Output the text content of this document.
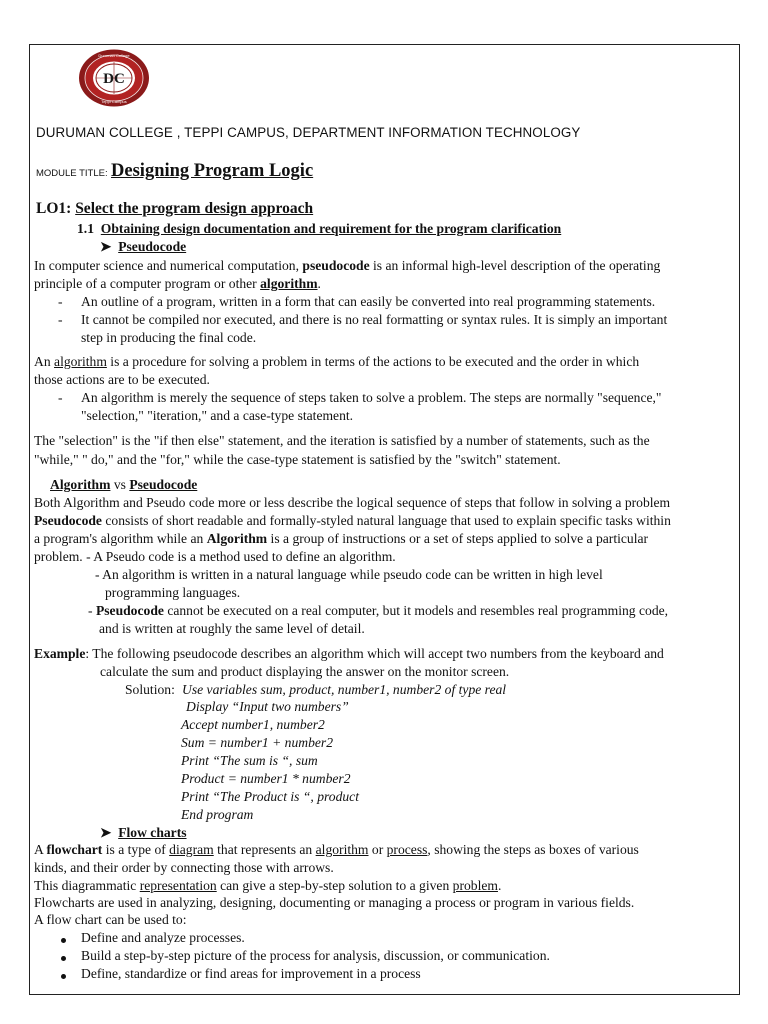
DC
Duruman College
Teppi Campus
DURUMAN COLLEGE , TEPPI CAMPUS, DEPARTMENT INFORMATION TECHNOLOGY
MODULE TITLE: Designing Program Logic
LO1: Select the program design approach
1.1 Obtaining design documentation and requirement for the program clarification
➤ Pseudocode
In computer science and numerical computation, pseudocode is an informal high-level description of the operating
principle of a computer program or other algorithm.
- An outline of a program, written in a form that can easily be converted into real programming statements.
- It cannot be compiled nor executed, and there is no real formatting or syntax rules. It is simply an important
step in producing the final code.
An algorithm is a procedure for solving a problem in terms of the actions to be executed and the order in which
those actions are to be executed.
- An algorithm is merely the sequence of steps taken to solve a problem. The steps are normally "sequence,"
"selection," "iteration," and a case-type statement.
The "selection" is the "if then else" statement, and the iteration is satisfied by a number of statements, such as the
"while," " do," and the "for," while the case-type statement is satisfied by the "switch" statement.
Algorithm vs Pseudocode
Both Algorithm and Pseudo code more or less describe the logical sequence of steps that follow in solving a problem
Pseudocode consists of short readable and formally-styled natural language that used to explain specific tasks within
a program's algorithm while an Algorithm is a group of instructions or a set of steps applied to solve a particular
problem. - A Pseudo code is a method used to define an algorithm.
- An algorithm is written in a natural language while pseudo code can be written in high level
programming languages.
- Pseudocode cannot be executed on a real computer, but it models and resembles real programming code,
and is written at roughly the same level of detail.
Example: The following pseudocode describes an algorithm which will accept two numbers from the keyboard and
calculate the sum and product displaying the answer on the monitor screen.
Solution: Use variables sum, product, number1, number2 of type real
Display “Input two numbers”
Accept number1, number2
Sum = number1 + number2
Print “The sum is “, sum
Product = number1 * number2
Print “The Product is “, product
End program
➤ Flow charts
A flowchart is a type of diagram that represents an algorithm or process, showing the steps as boxes of various
kinds, and their order by connecting those with arrows.
This diagrammatic representation can give a step-by-step solution to a given problem.
Flowcharts are used in analyzing, designing, documenting or managing a process or program in various fields.
A flow chart can be used to:
Define and analyze processes.
Build a step-by-step picture of the process for analysis, discussion, or communication.
Define, standardize or find areas for improvement in a process
